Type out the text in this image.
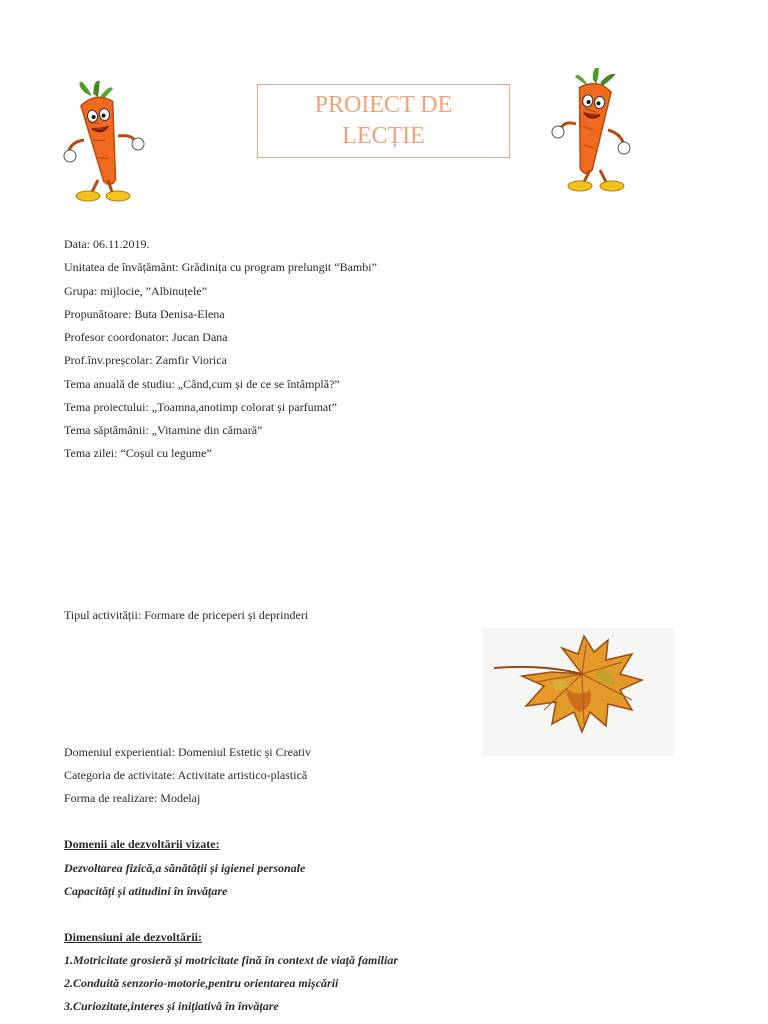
PROIECT DE
LECȚIE
Data: 06.11.2019.
Unitatea de învățământ: Grădinița cu program prelungit “Bambi”
Grupa: mijlocie, ”Albinuțele”
Propunătoare: Buta Denisa-Elena
Profesor coordonator: Jucan Dana
Prof.înv.preșcolar: Zamfir Viorica
Tema anuală de studiu: „Când,cum și de ce se întâmplă?”
Tema proiectului: „Toamna,anotimp colorat și parfumat”
Tema săptămânii: „Vitamine din cămară”
Tema zilei: “Coșul cu legume”
Tipul activității: Formare de priceperi și deprinderi
Domeniul experiential: Domeniul Estetic și Creativ
Categoria de activitate: Activitate artistico-plastică
Forma de realizare: Modelaj
Domenii ale dezvoltării vizate:
Dezvoltarea fizică,a sănătății și igienei personale
Capacități și atitudini în învățare
Dimensiuni ale dezvoltării:
1.Motricitate grosieră și motricitate fină în context de viață familiar
2.Conduită senzorio-motorie,pentru orientarea mișcării
3.Curiozitate,interes și inițiativă în învățare
